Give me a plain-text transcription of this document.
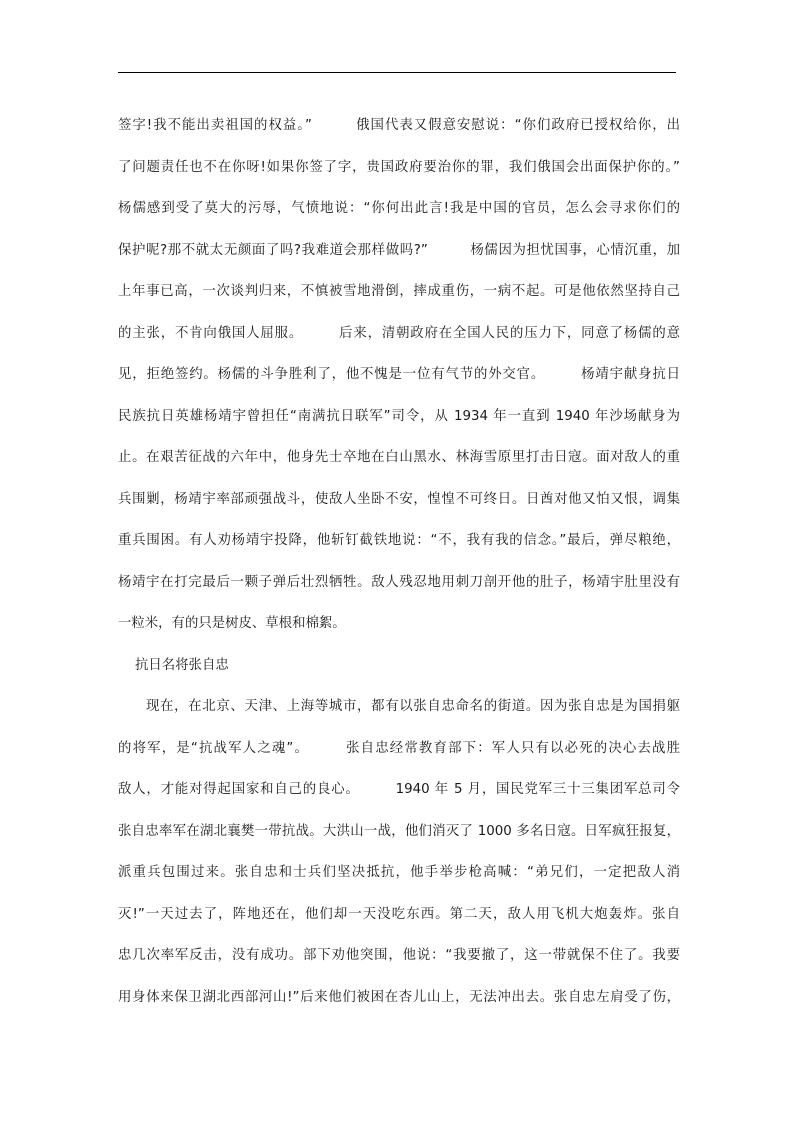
签字!我不能出卖祖国的权益。”　　　俄国代表又假意安慰说：“你们政府已授权给你，出
了问题责任也不在你呀!如果你签了字，贵国政府要治你的罪，我们俄国会出面保护你的。”
杨儒感到受了莫大的污辱，气愤地说：“你何出此言!我是中国的官员，怎么会寻求你们的
保护呢?那不就太无颜面了吗?我难道会那样做吗?”　　　杨儒因为担忧国事，心情沉重，加
上年事已高，一次谈判归来，不慎被雪地滑倒，摔成重伤，一病不起。可是他依然坚持自己
的主张，不肯向俄国人屈服。　　　后来，清朝政府在全国人民的压力下，同意了杨儒的意
见，拒绝签约。杨儒的斗争胜利了，他不愧是一位有气节的外交官。　　　杨靖宇献身抗日
民族抗日英雄杨靖宇曾担任“南满抗日联军”司令，从 1934 年一直到 1940 年沙场献身为
止。在艰苦征战的六年中，他身先士卒地在白山黑水、林海雪原里打击日寇。面对敌人的重
兵围剿，杨靖宇率部顽强战斗，使敌人坐卧不安，惶惶不可终日。日酋对他又怕又恨，调集
重兵围困。有人劝杨靖宇投降，他斩钉截铁地说：“不，我有我的信念。”最后，弹尽粮绝，
杨靖宇在打完最后一颗子弹后壮烈牺牲。敌人残忍地用刺刀剖开他的肚子，杨靖宇肚里没有
一粒米，有的只是树皮、草根和棉絮。
抗日名将张自忠
现在，在北京、天津、上海等城市，都有以张自忠命名的街道。因为张自忠是为国捐躯
的将军，是“抗战军人之魂”。　　　张自忠经常教育部下：军人只有以必死的决心去战胜
敌人，才能对得起国家和自己的良心。　　　1940 年 5 月，国民党军三十三集团军总司令
张自忠率军在湖北襄樊一带抗战。大洪山一战，他们消灭了 1000 多名日寇。日军疯狂报复，
派重兵包围过来。张自忠和士兵们坚决抵抗，他手举步枪高喊：“弟兄们，一定把敌人消
灭!”一天过去了，阵地还在，他们却一天没吃东西。第二天，敌人用飞机大炮轰炸。张自
忠几次率军反击，没有成功。部下劝他突围，他说：“我要撤了，这一带就保不住了。我要
用身体来保卫湖北西部河山!”后来他们被困在杏儿山上，无法冲出去。张自忠左肩受了伤，
